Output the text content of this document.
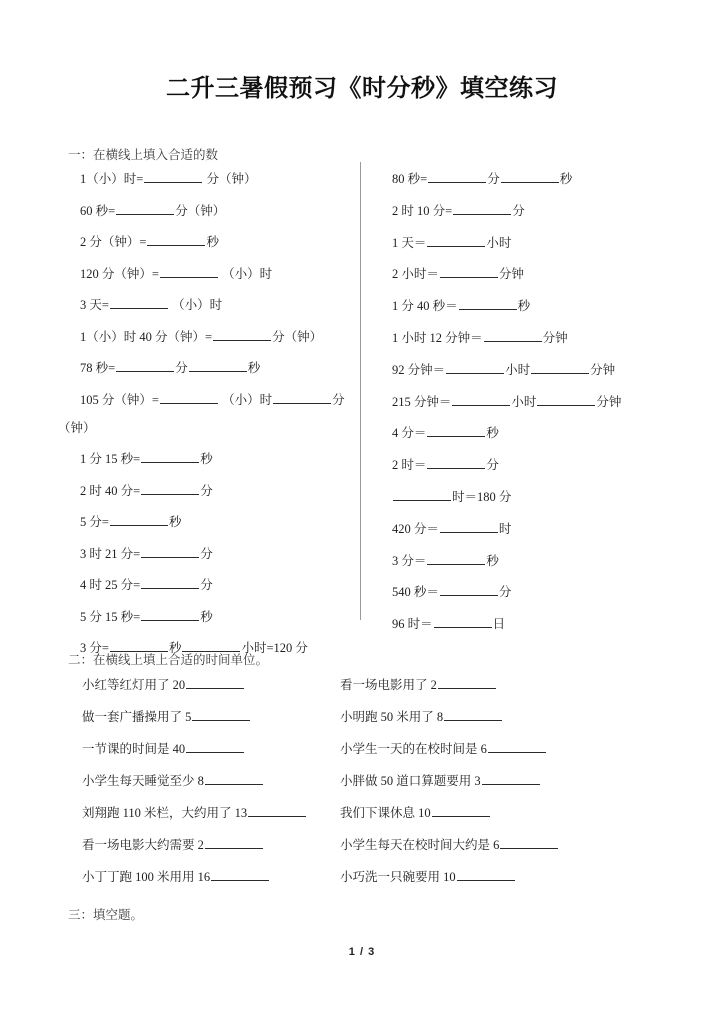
二升三暑假预习《时分秒》填空练习
一：在横线上填入合适的数
1（小）时=	分（钟）
60 秒=	分（钟）
2 分（钟）=	秒
120 分（钟）=	（小）时
3 天=	（小）时
1（小）时 40 分（钟）=	分（钟）
78 秒=	分	秒
105 分（钟）=	（小）时	分
（钟）
1 分 15 秒=	秒
2 时 40 分=	分
5 分=	秒
3 时 21 分=	分
4 时 25 分=	分
5 分 15 秒=	秒
3 分=	秒	小时=120 分
80 秒=	分	秒
2 时 10 分=	分
1 天＝	小时
2 小时＝	分钟
1 分 40 秒＝	秒
1 小时 12 分钟＝	分钟
92 分钟＝	小时	分钟
215 分钟＝	小时	分钟
4 分＝	秒
2 时＝	分
时＝180 分
420 分＝	时
3 分＝	秒
540 秒＝	分
96 时＝	日
二：在横线上填上合适的时间单位。
小红等红灯用了 20
做一套广播操用了 5
一节课的时间是 40
小学生每天睡觉至少 8
刘翔跑 110 米栏，大约用了 13
看一场电影大约需要 2
小丁丁跑 100 米用用 16
看一场电影用了 2
小明跑 50 米用了 8
小学生一天的在校时间是 6
小胖做 50 道口算题要用 3
我们下课休息 10
小学生每天在校时间大约是 6
小巧洗一只碗要用 10
三：填空题。
1 / 3
